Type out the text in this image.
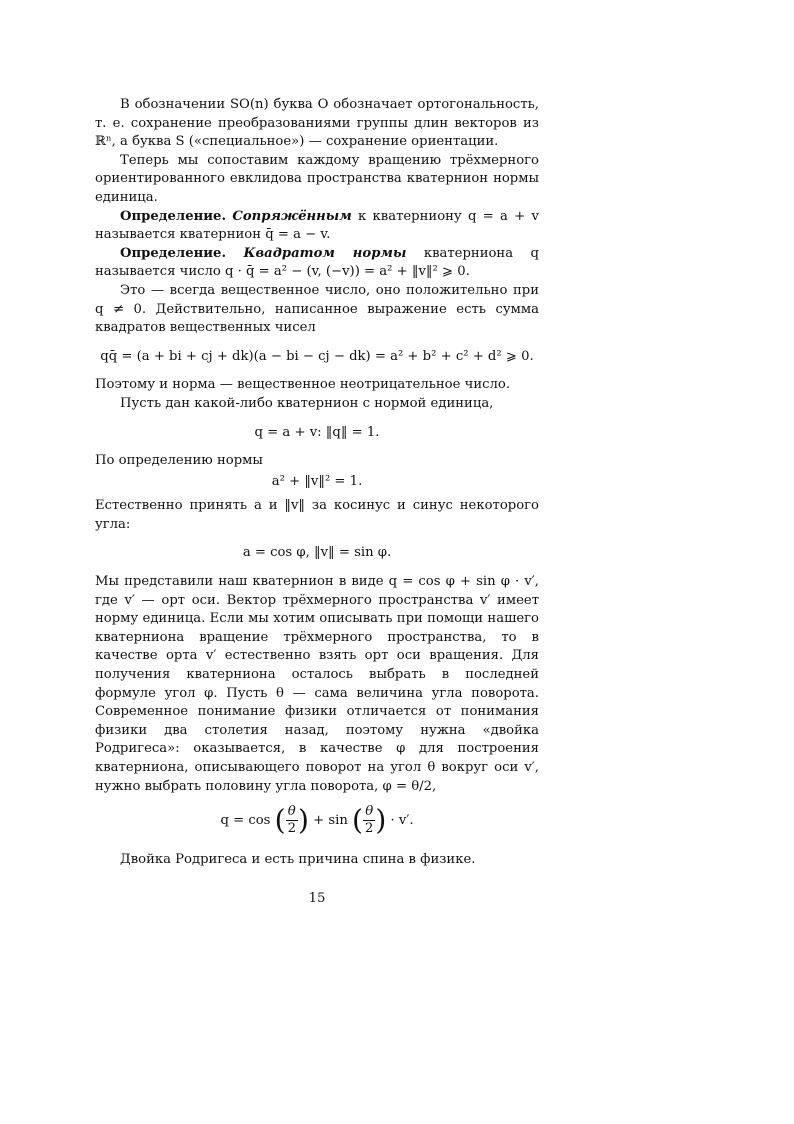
В обозначении SO(n) буква O обозначает ортогональность, т. е. сохранение преобразованиями группы длин векторов из ℝⁿ, а буква S («специальное») — сохранение ориентации.

Теперь мы сопоставим каждому вращению трёхмерного ориентированного евклидова пространства кватернион нормы единица.

Определение. Сопряжённым к кватерниону q = a + v называется кватернион q̄ = a − v.

Определение. Квадратом нормы кватерниона q называется число q · q̄ = a² − (v, (−v)) = a² + ‖v‖² ⩾ 0.

Это — всегда вещественное число, оно положительно при q ≠ 0. Действительно, написанное выражение есть сумма квадратов вещественных чисел

qq̄ = (a + bi + cj + dk)(a − bi − cj − dk) = a² + b² + c² + d² ⩾ 0.

Поэтому и норма — вещественное неотрицательное число.

Пусть дан какой-либо кватернион с нормой единица,

q = a + v: ‖q‖ = 1.

По определению нормы

a² + ‖v‖² = 1.

Естественно принять a и ‖v‖ за косинус и синус некоторого угла:

a = cos φ, ‖v‖ = sin φ.

Мы представили наш кватернион в виде q = cos φ + sin φ · v′, где v′ — орт оси. Вектор трёхмерного пространства v′ имеет норму единица. Если мы хотим описывать при помощи нашего кватерниона вращение трёхмерного пространства, то в качестве орта v′ естественно взять орт оси вращения. Для получения кватерниона осталось выбрать в последней формуле угол φ. Пусть θ — сама величина угла поворота. Современное понимание физики отличается от понимания физики два столетия назад, поэтому нужна «двойка Родригеса»: оказывается, в качестве φ для построения кватерниона, описывающего поворот на угол θ вокруг оси v′, нужно выбрать половину угла поворота, φ = θ/2,

q = cos ( $\frac{\theta}{2}$ ) + sin ( $\frac{\theta}{2}$ ) · v′.

Двойка Родригеса и есть причина спина в физике.

15
